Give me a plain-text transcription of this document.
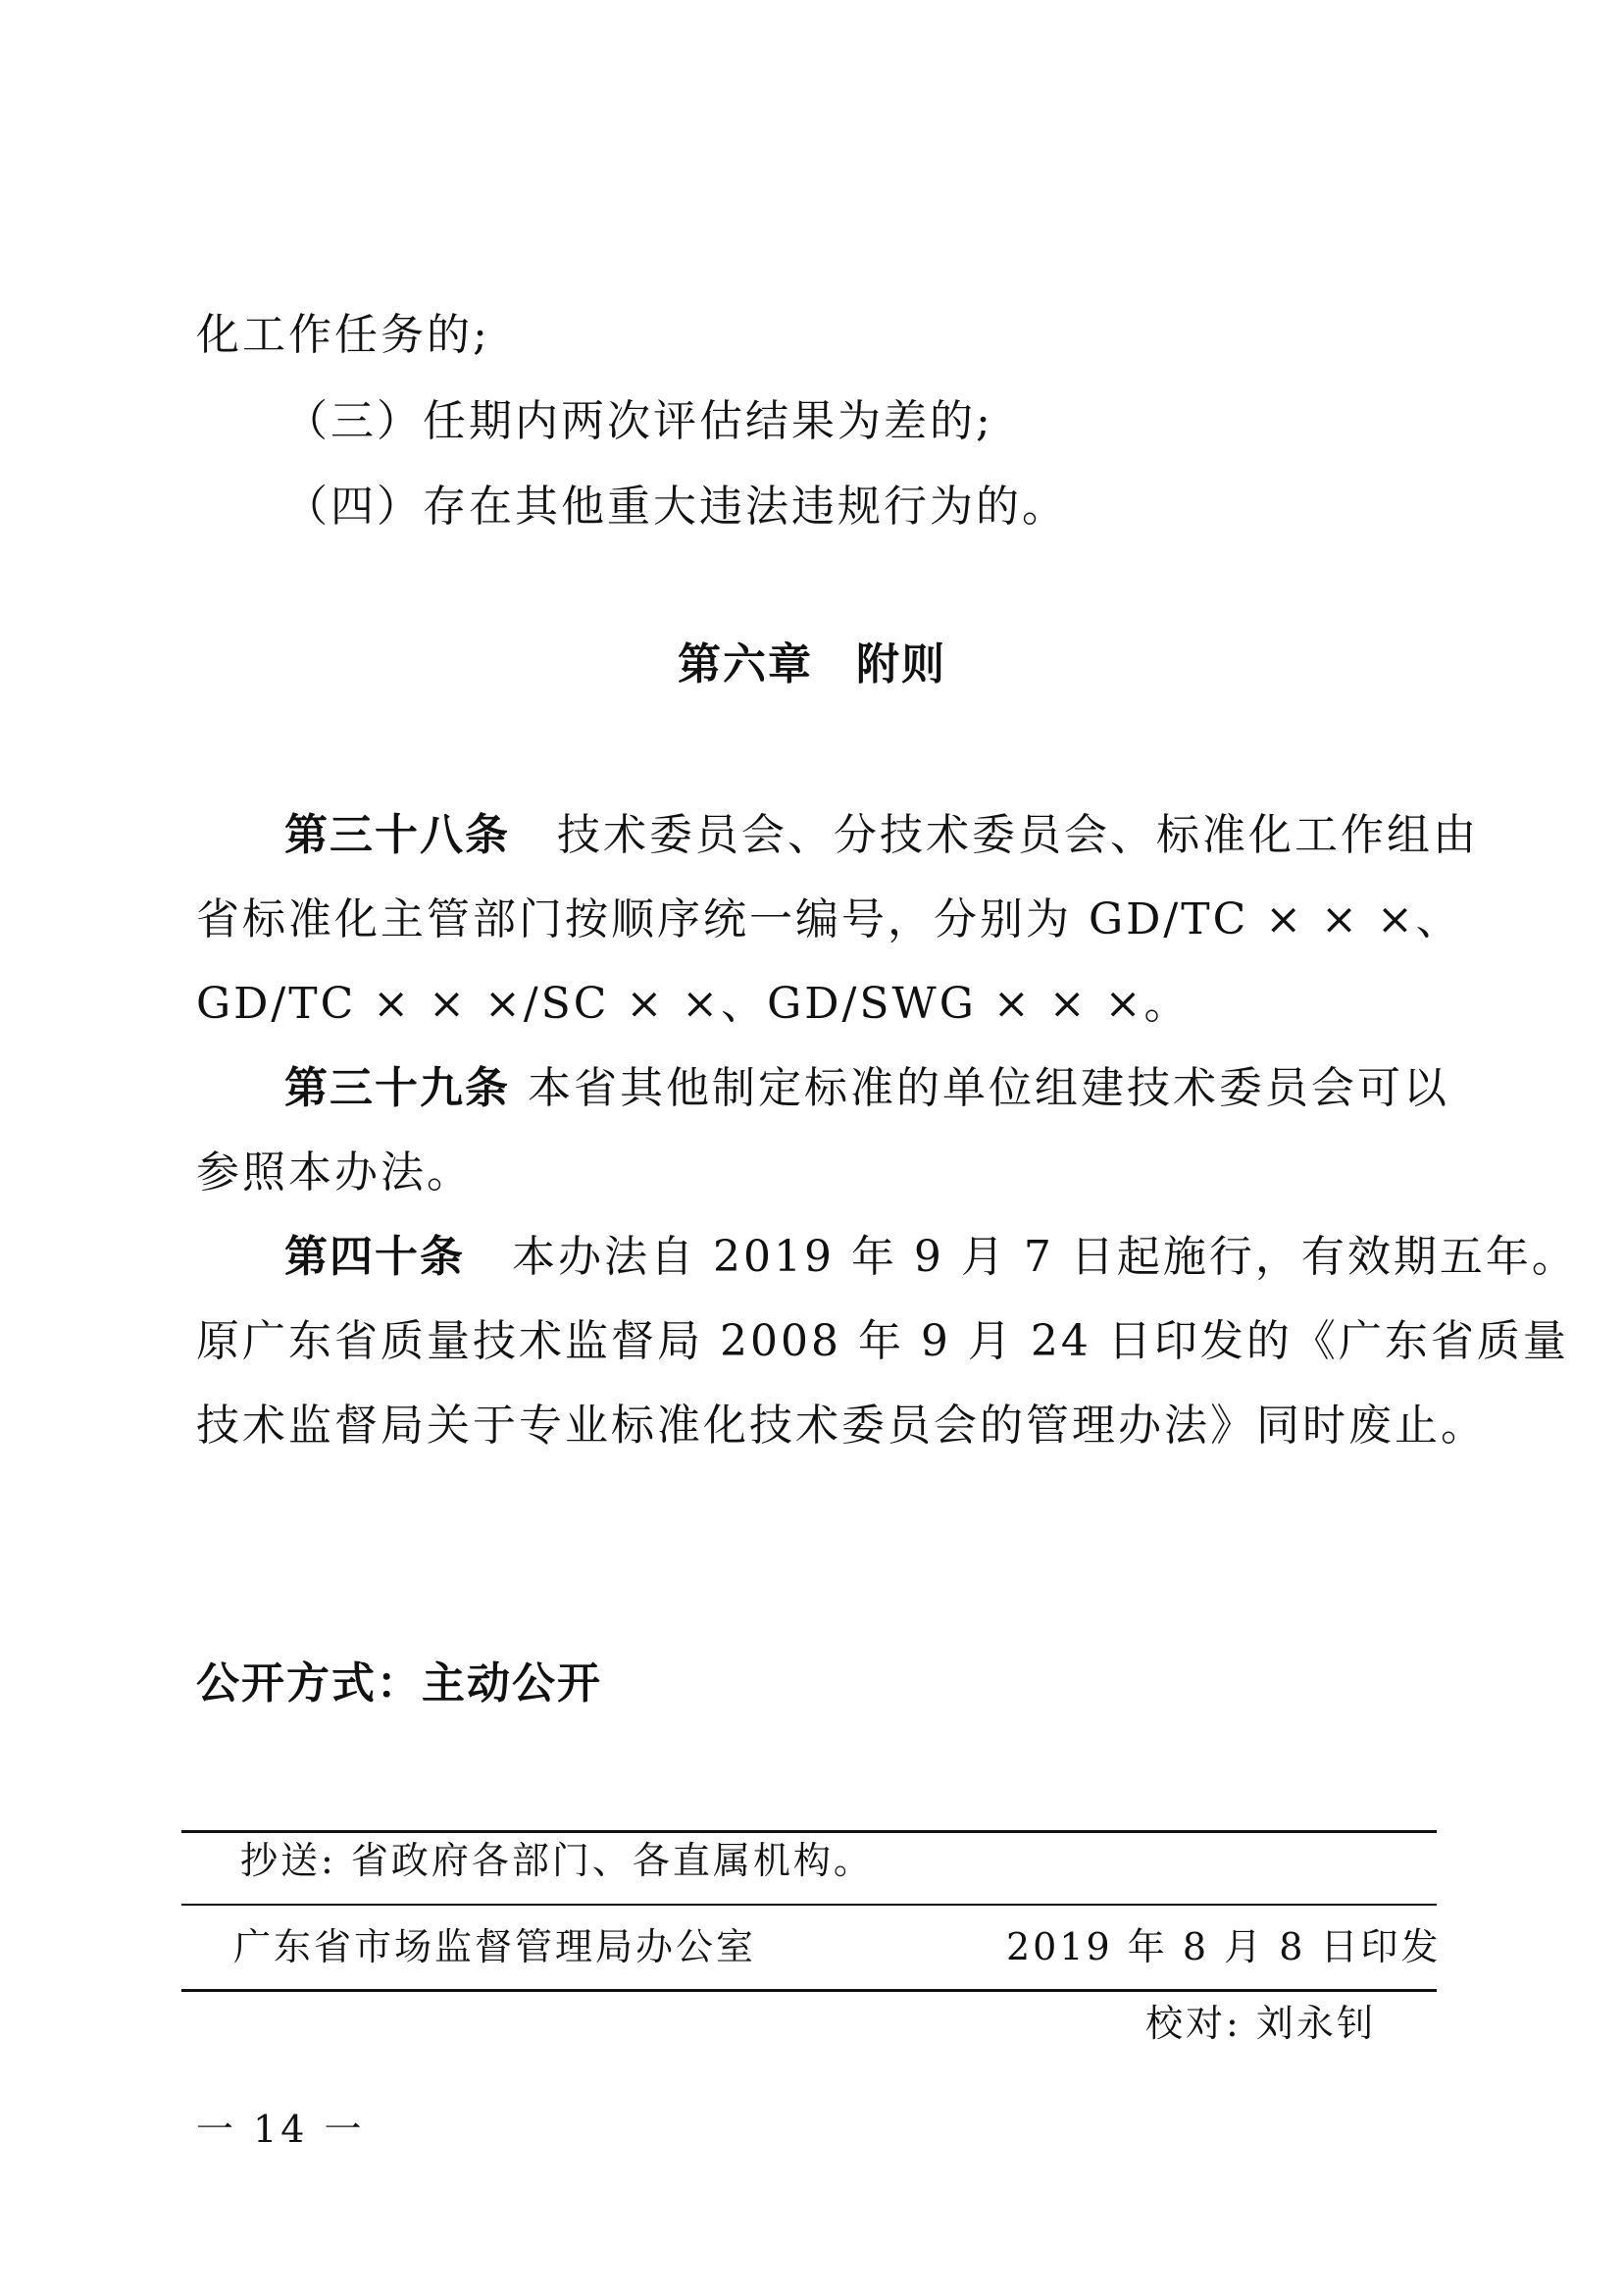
化工作任务的;
（三）任期内两次评估结果为差的;
（四）存在其他重大违法违规行为的。
第六章 附则
第三十八条 技术委员会、分技术委员会、标准化工作组由
省标准化主管部门按顺序统一编号，分别为 GD/TC × × ×、
GD/TC × × ×/SC × ×、GD/SWG × × ×。
第三十九条 本省其他制定标准的单位组建技术委员会可以
参照本办法。
第四十条 本办法自 2019 年 9 月 7 日起施行，有效期五年。
原广东省质量技术监督局 2008 年 9 月 24 日印发的《广东省质量
技术监督局关于专业标准化技术委员会的管理办法》同时废止。
公开方式：主动公开
抄送: 省政府各部门、各直属机构。
广东省市场监督管理局办公室	2019 年 8 月 8 日印发
校对: 刘永钊
一 14 一
